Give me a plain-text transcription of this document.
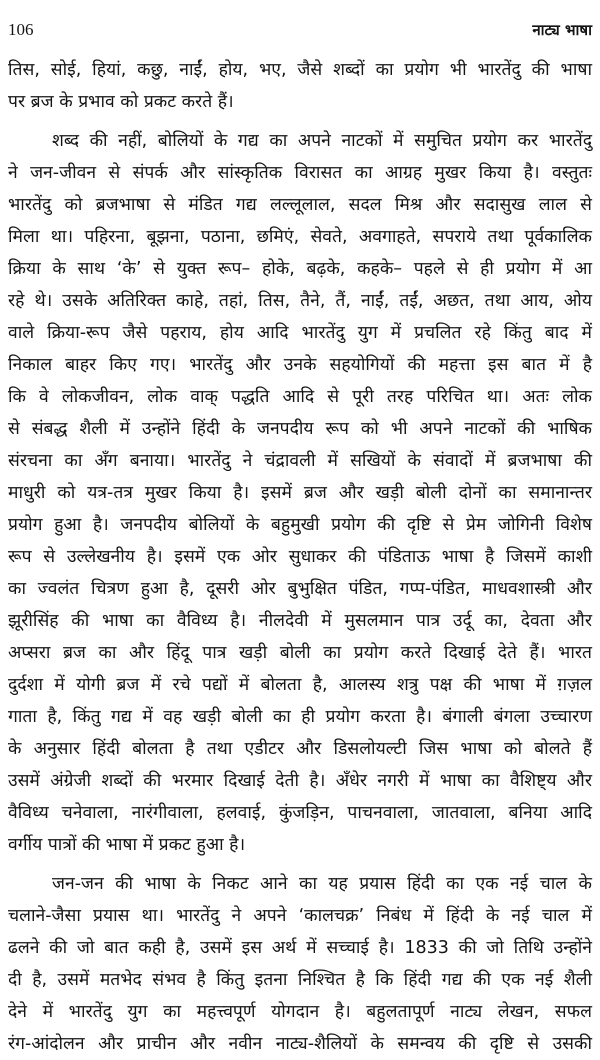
106	नाट्य भाषा

तिस, सोई, हियां, कछु, नाईं, होय, भए, जैसे शब्दों का प्रयोग भी भारतेंदु की भाषा
पर ब्रज के प्रभाव को प्रकट करते हैं।

शब्द की नहीं, बोलियों के गद्य का अपने नाटकों में समुचित प्रयोग कर भारतेंदु
ने जन-जीवन से संपर्क और सांस्कृतिक विरासत का आग्रह मुखर किया है। वस्तुतः
भारतेंदु को ब्रजभाषा से मंडित गद्य लल्लूलाल, सदल मिश्र और सदासुख लाल से
मिला था। पहिरना, बूझना, पठाना, छमिएं, सेवते, अवगाहते, सपराये तथा पूर्वकालिक
क्रिया के साथ ‘के’ से युक्त रूप– होके, बढ़के, कहके– पहले से ही प्रयोग में आ
रहे थे। उसके अतिरिक्त काहे, तहां, तिस, तैने, तैं, नाईं, तईं, अछत, तथा आय, ओय
वाले क्रिया-रूप जैसे पहराय, होय आदि भारतेंदु युग में प्रचलित रहे किंतु बाद में
निकाल बाहर किए गए। भारतेंदु और उनके सहयोगियों की महत्ता इस बात में है
कि वे लोकजीवन, लोक वाक् पद्धति आदि से पूरी तरह परिचित था। अतः लोक
से संबद्ध शैली में उन्होंने हिंदी के जनपदीय रूप को भी अपने नाटकों की भाषिक
संरचना का अँग बनाया। भारतेंदु ने चंद्रावली में सखियों के संवादों में ब्रजभाषा की
माधुरी को यत्र-तत्र मुखर किया है। इसमें ब्रज और खड़ी बोली दोनों का समानान्तर
प्रयोग हुआ है। जनपदीय बोलियों के बहुमुखी प्रयोग की दृष्टि से प्रेम जोगिनी विशेष
रूप से उल्लेखनीय है। इसमें एक ओर सुधाकर की पंडिताऊ भाषा है जिसमें काशी
का ज्वलंत चित्रण हुआ है, दूसरी ओर बुभुक्षित पंडित, गप्प-पंडित, माधवशास्त्री और
झूरीसिंह की भाषा का वैविध्य है। नीलदेवी में मुसलमान पात्र उर्दू का, देवता और
अप्सरा ब्रज का और हिंदू पात्र खड़ी बोली का प्रयोग करते दिखाई देते हैं। भारत
दुर्दशा में योगी ब्रज में रचे पद्यों में बोलता है, आलस्य शत्रु पक्ष की भाषा में ग़ज़ल
गाता है, किंतु गद्य में वह खड़ी बोली का ही प्रयोग करता है। बंगाली बंगला उच्चारण
के अनुसार हिंदी बोलता है तथा एडीटर और डिसलोयल्टी जिस भाषा को बोलते हैं
उसमें अंग्रेजी शब्दों की भरमार दिखाई देती है। अँधेर नगरी में भाषा का वैशिष्ट्य और
वैविध्य चनेवाला, नारंगीवाला, हलवाई, कुंजड़िन, पाचनवाला, जातवाला, बनिया आदि
वर्गीय पात्रों की भाषा में प्रकट हुआ है।

जन-जन की भाषा के निकट आने का यह प्रयास हिंदी का एक नई चाल के
चलाने-जैसा प्रयास था। भारतेंदु ने अपने ‘कालचक्र’ निबंध में हिंदी के नई चाल में
ढलने की जो बात कही है, उसमें इस अर्थ में सच्चाई है। 1833 की जो तिथि उन्होंने
दी है, उसमें मतभेद संभव है किंतु इतना निश्चित है कि हिंदी गद्य की एक नई शैली
देने में भारतेंदु युग का महत्त्वपूर्ण योगदान है। बहुलतापूर्ण नाट्य लेखन, सफल
रंग-आंदोलन और प्राचीन और नवीन नाट्य-शैलियों के समन्वय की दृष्टि से उसकी
